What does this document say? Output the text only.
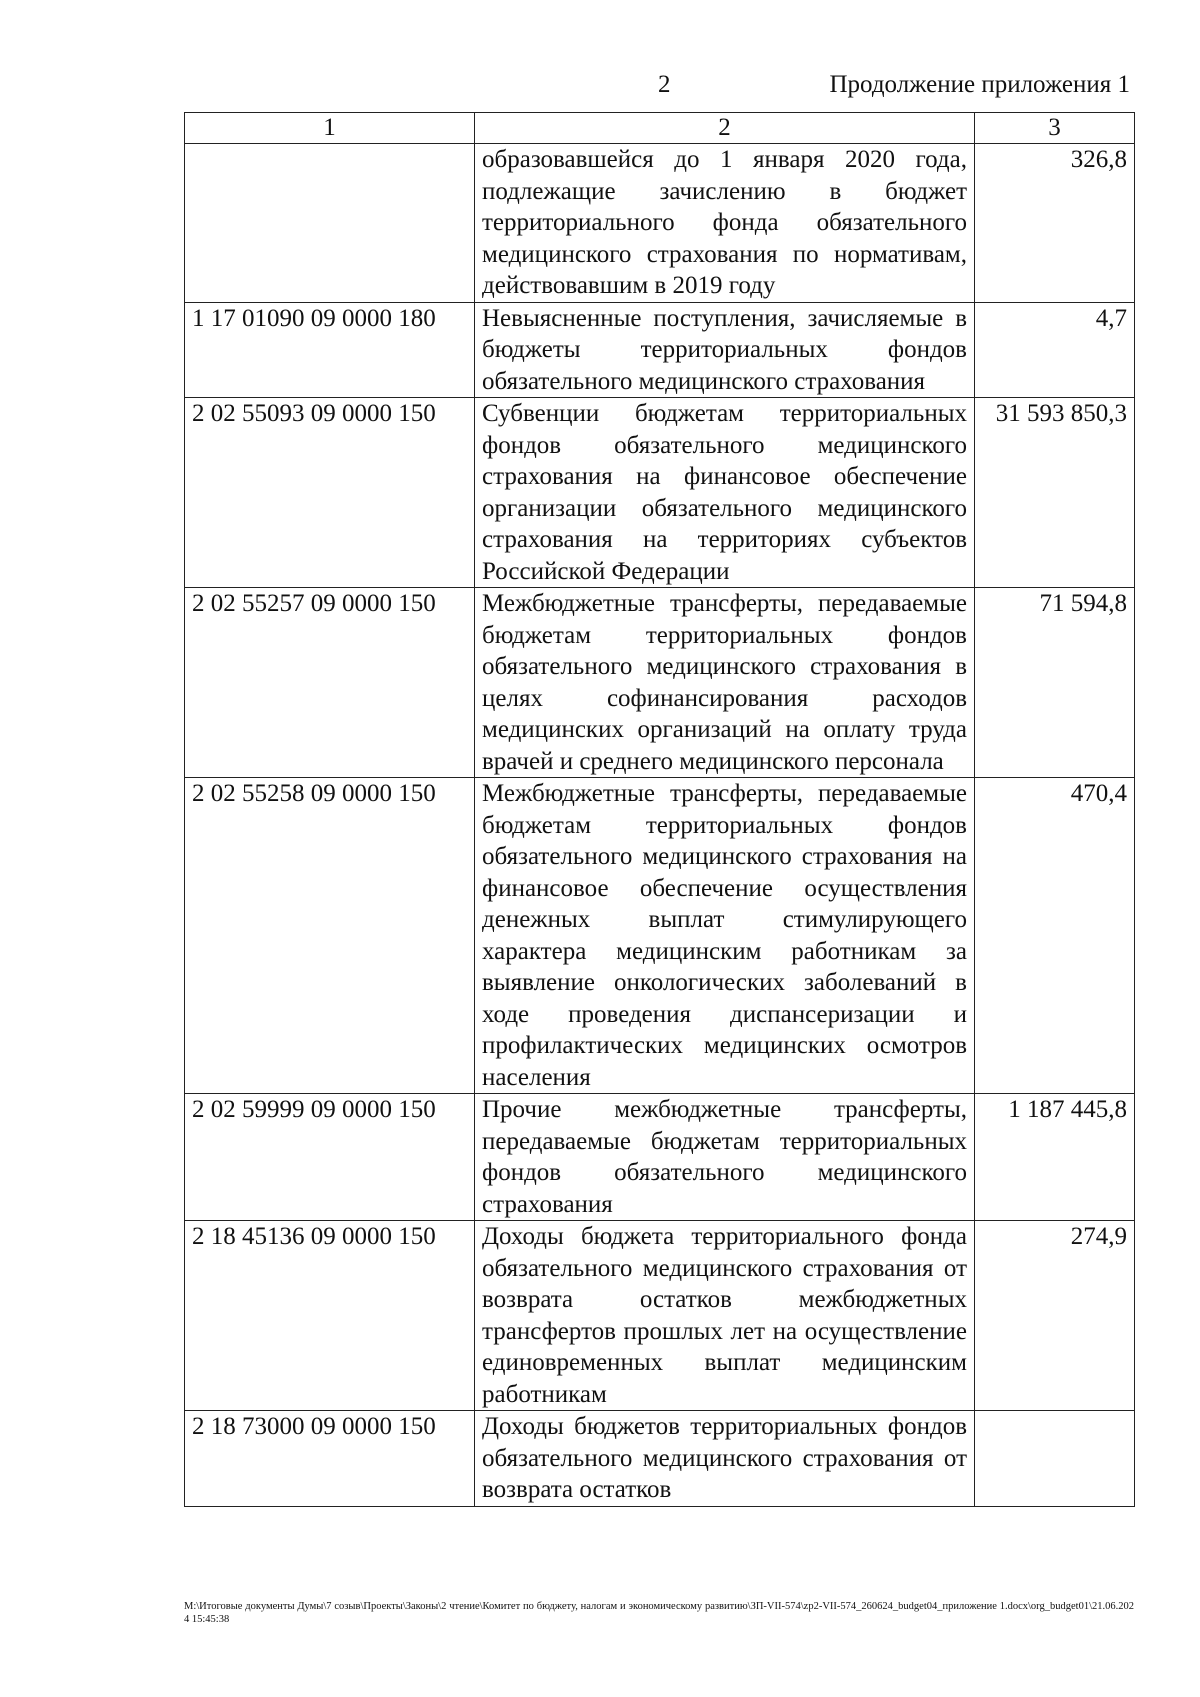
2	Продолжение приложения 1
1	2	3
	образовавшейся до 1 января 2020 года, подлежащие зачислению в бюджет территориального фонда обязательного медицинского страхования по нормативам, действовавшим в 2019 году	326,8
1 17 01090 09 0000 180	Невыясненные поступления, зачисляемые в бюджеты территориальных фондов обязательного медицинского страхования	4,7
2 02 55093 09 0000 150	Субвенции бюджетам территориальных фондов обязательного медицинского страхования на финансовое обеспечение организации обязательного медицинского страхования на территориях субъектов Российской Федерации	31 593 850,3
2 02 55257 09 0000 150	Межбюджетные трансферты, передаваемые бюджетам территориальных фондов обязательного медицинского страхования в целях софинансирования расходов медицинских организаций на оплату труда врачей и среднего медицинского персонала	71 594,8
2 02 55258 09 0000 150	Межбюджетные трансферты, передаваемые бюджетам территориальных фондов обязательного медицинского страхования на финансовое обеспечение осуществления денежных выплат стимулирующего характера медицинским работникам за выявление онкологических заболеваний в ходе проведения диспансеризации и профилактических медицинских осмотров населения	470,4
2 02 59999 09 0000 150	Прочие межбюджетные трансферты, передаваемые бюджетам территориальных фондов обязательного медицинского страхования	1 187 445,8
2 18 45136 09 0000 150	Доходы бюджета территориального фонда обязательного медицинского страхования от возврата остатков межбюджетных трансфертов прошлых лет на осуществление единовременных выплат медицинским работникам	274,9
2 18 73000 09 0000 150	Доходы бюджетов территориальных фондов обязательного медицинского страхования от возврата остатков	
M:\Итоговые документы Думы\7 созыв\Проекты\Законы\2 чтение\Комитет по бюджету, налогам и экономическому развитию\ЗП-VII-574\zp2-VII-574_260624_budget04_приложение 1.docx\org_budget01\21.06.2024 15:45:38
